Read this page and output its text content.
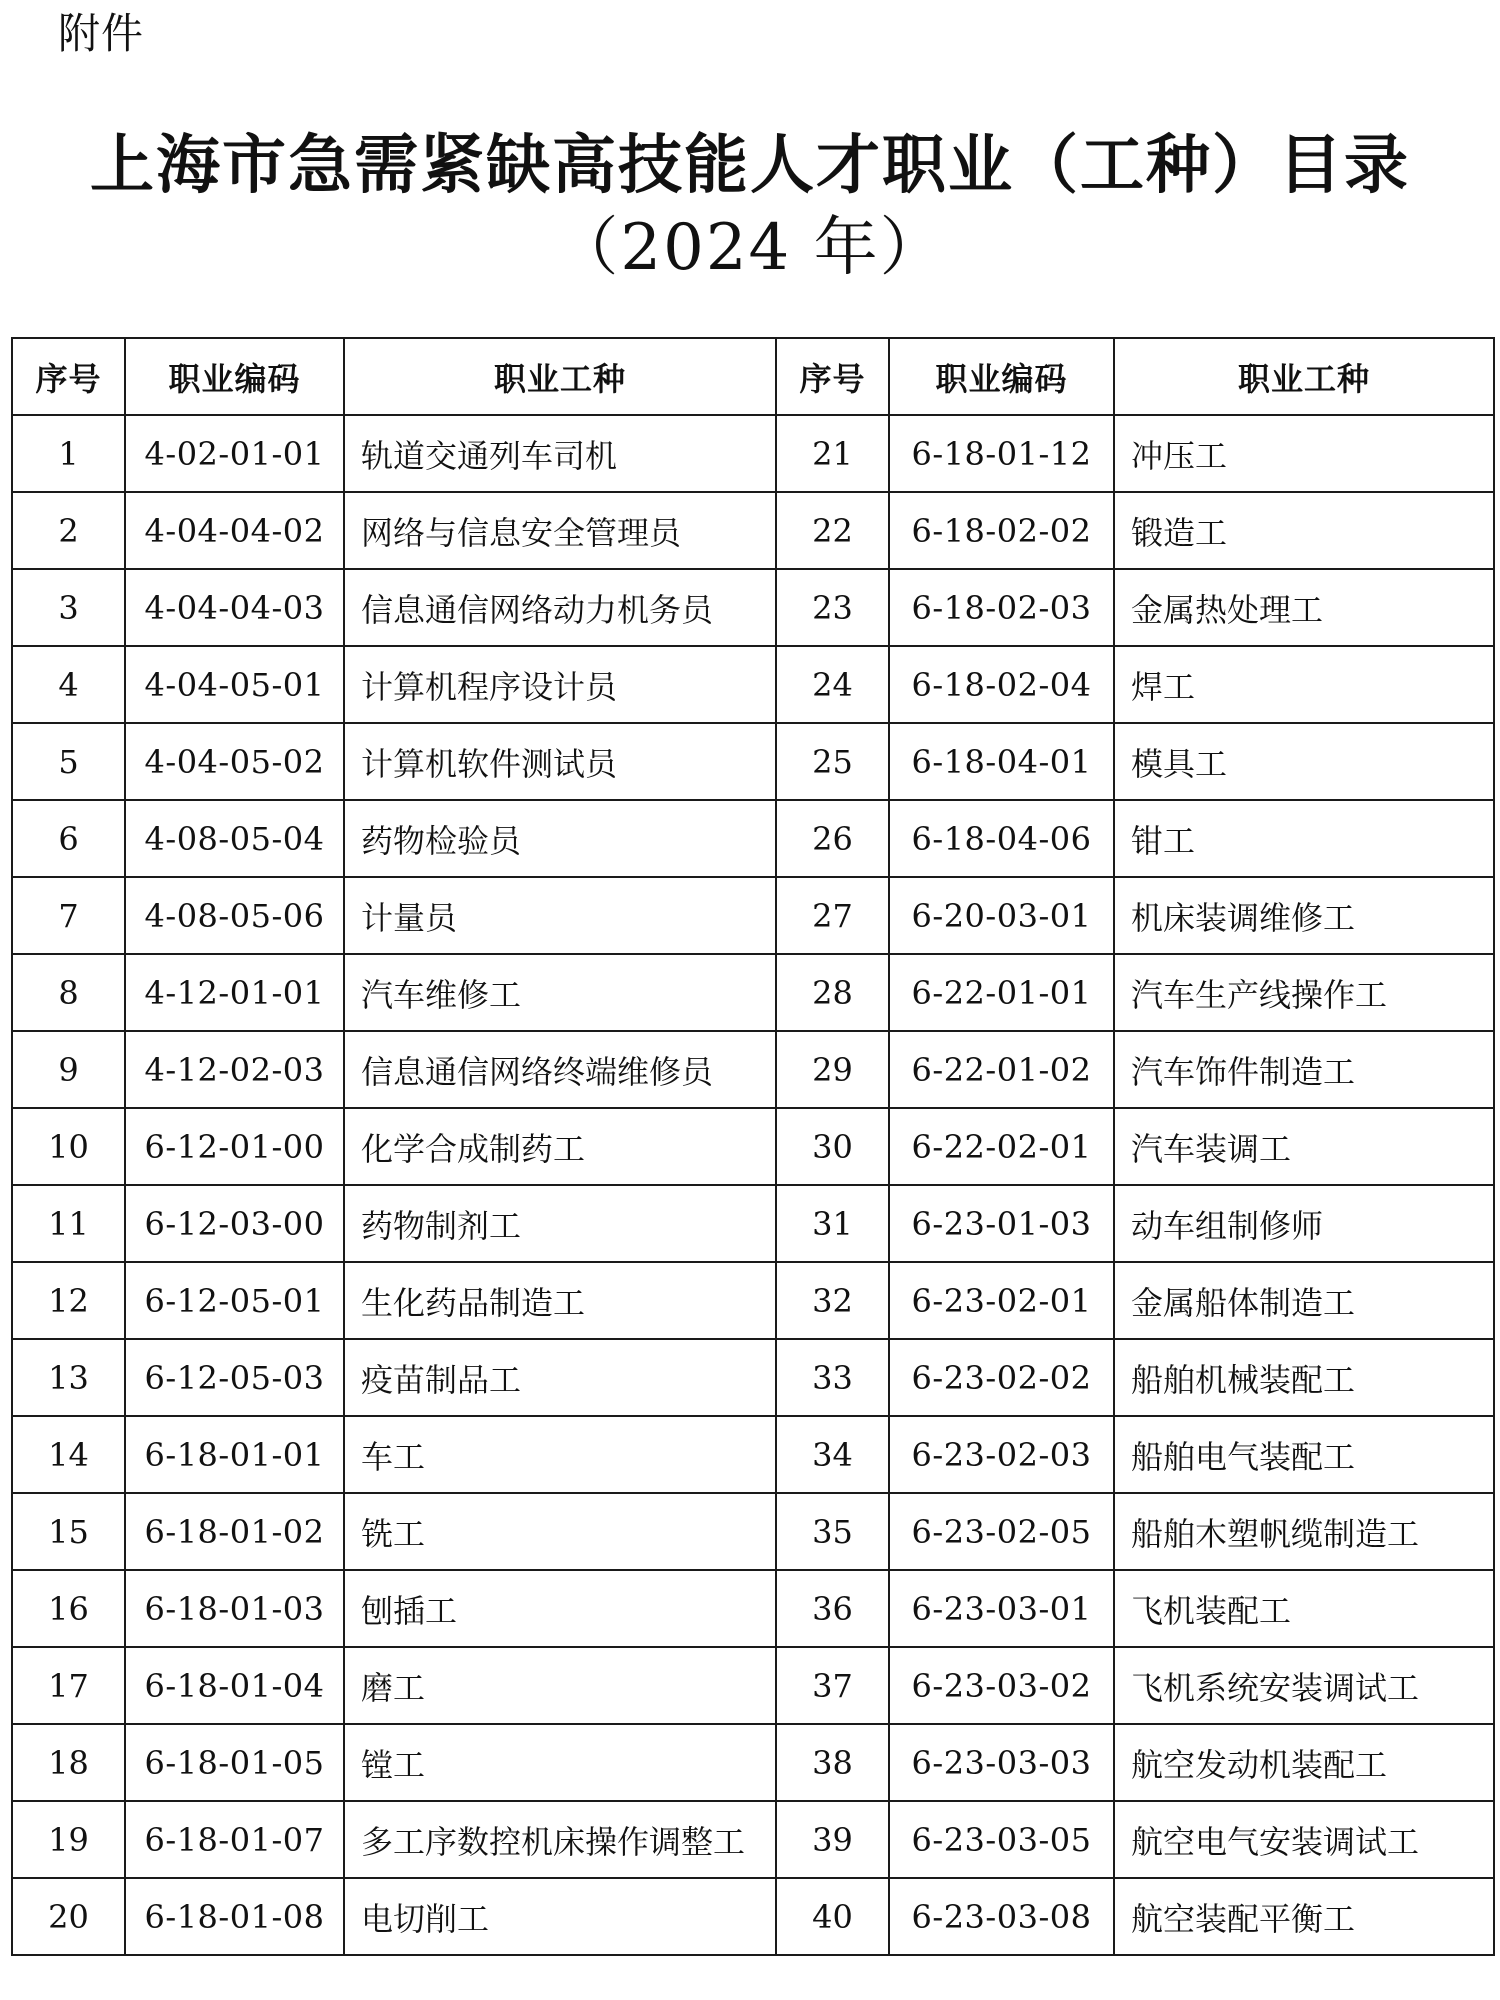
附件
上海市急需紧缺高技能人才职业（工种）目录
（2024 年）
序号	职业编码	职业工种	序号	职业编码	职业工种
1	4-02-01-01	轨道交通列车司机	21	6-18-01-12	冲压工
2	4-04-04-02	网络与信息安全管理员	22	6-18-02-02	锻造工
3	4-04-04-03	信息通信网络动力机务员	23	6-18-02-03	金属热处理工
4	4-04-05-01	计算机程序设计员	24	6-18-02-04	焊工
5	4-04-05-02	计算机软件测试员	25	6-18-04-01	模具工
6	4-08-05-04	药物检验员	26	6-18-04-06	钳工
7	4-08-05-06	计量员	27	6-20-03-01	机床装调维修工
8	4-12-01-01	汽车维修工	28	6-22-01-01	汽车生产线操作工
9	4-12-02-03	信息通信网络终端维修员	29	6-22-01-02	汽车饰件制造工
10	6-12-01-00	化学合成制药工	30	6-22-02-01	汽车装调工
11	6-12-03-00	药物制剂工	31	6-23-01-03	动车组制修师
12	6-12-05-01	生化药品制造工	32	6-23-02-01	金属船体制造工
13	6-12-05-03	疫苗制品工	33	6-23-02-02	船舶机械装配工
14	6-18-01-01	车工	34	6-23-02-03	船舶电气装配工
15	6-18-01-02	铣工	35	6-23-02-05	船舶木塑帆缆制造工
16	6-18-01-03	刨插工	36	6-23-03-01	飞机装配工
17	6-18-01-04	磨工	37	6-23-03-02	飞机系统安装调试工
18	6-18-01-05	镗工	38	6-23-03-03	航空发动机装配工
19	6-18-01-07	多工序数控机床操作调整工	39	6-23-03-05	航空电气安装调试工
20	6-18-01-08	电切削工	40	6-23-03-08	航空装配平衡工
